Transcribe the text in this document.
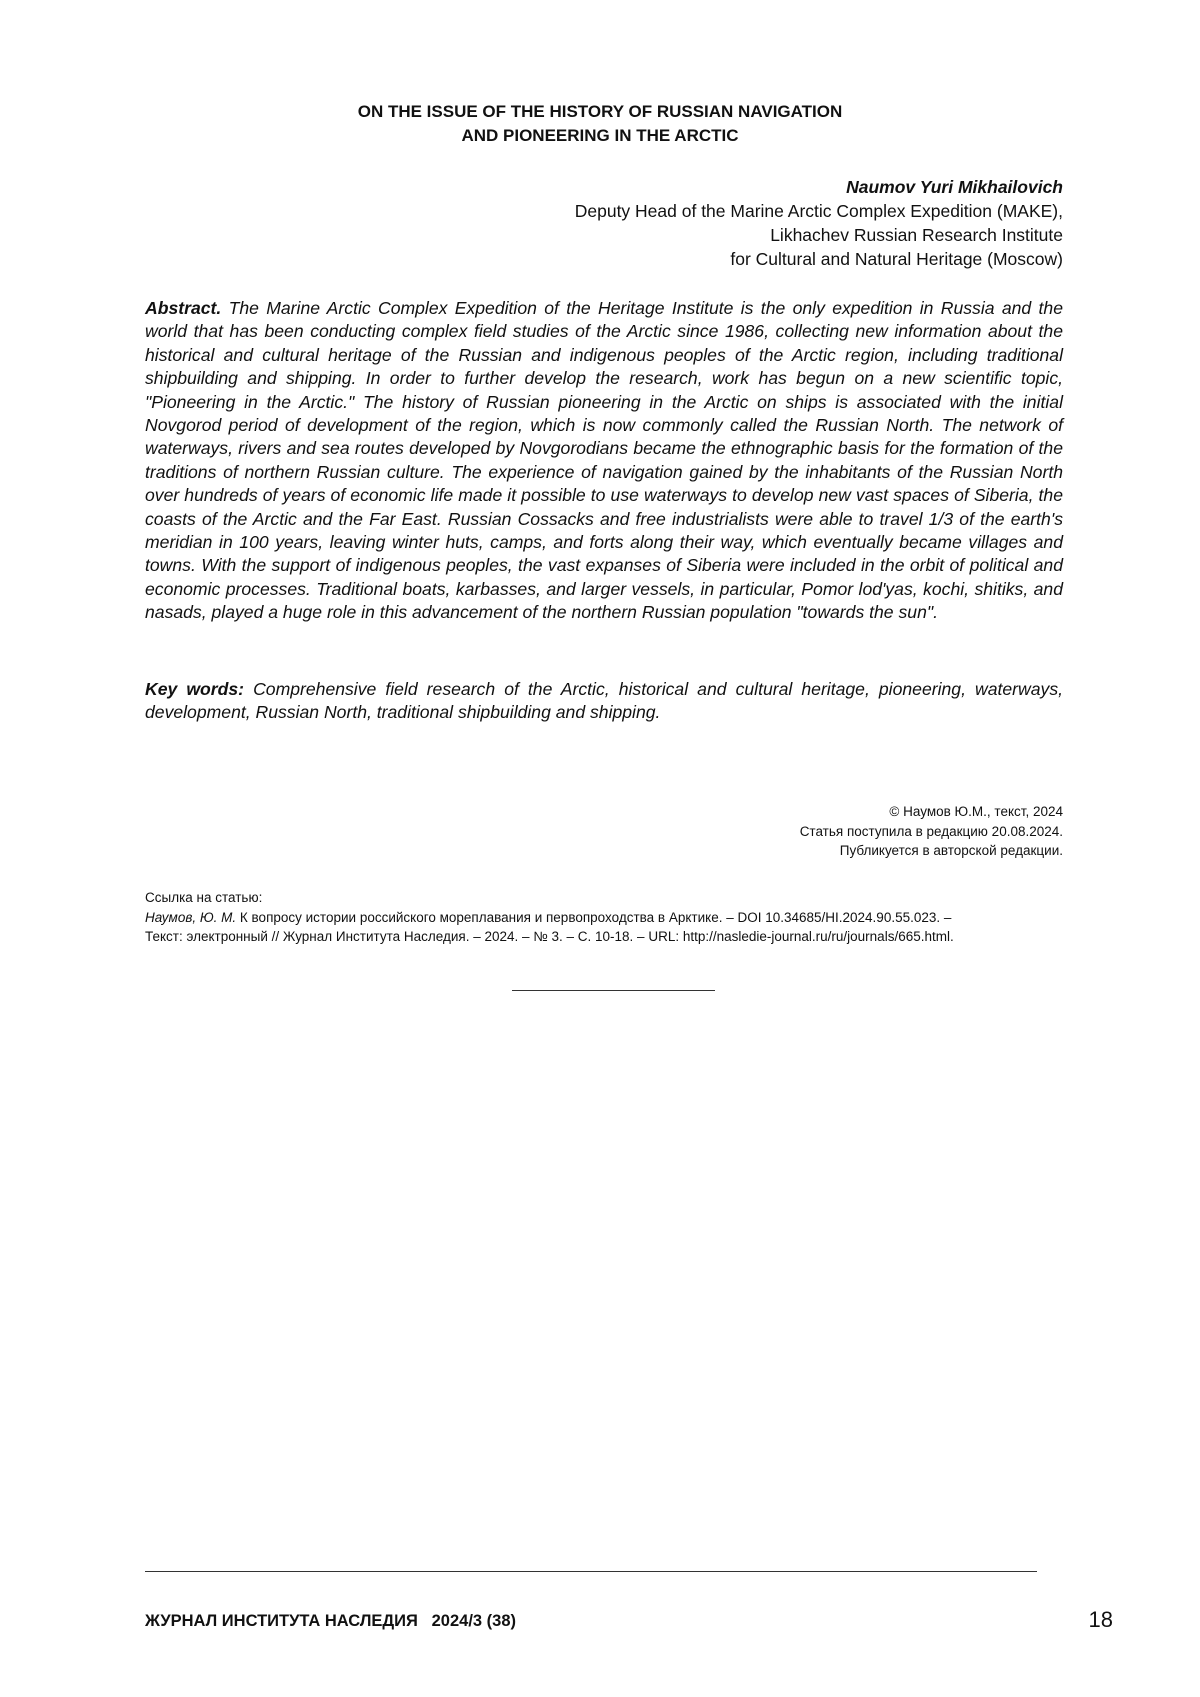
ON THE ISSUE OF THE HISTORY OF RUSSIAN NAVIGATION
AND PIONEERING IN THE ARCTIC
Naumov Yuri Mikhailovich
Deputy Head of the Marine Arctic Complex Expedition (MAKE),
Likhachev Russian Research Institute
for Cultural and Natural Heritage (Moscow)

Abstract. The Marine Arctic Complex Expedition of the Heritage Institute is the only expedition in Russia and the world that has been conducting complex field studies of the Arctic since 1986, collecting new information about the historical and cultural heritage of the Russian and indigenous peoples of the Arctic region, including traditional shipbuilding and shipping. In order to further develop the research, work has begun on a new scientific topic, "Pioneering in the Arctic." The history of Russian pioneering in the Arctic on ships is associated with the initial Novgorod period of development of the region, which is now commonly called the Russian North. The network of waterways, rivers and sea routes developed by Novgorodians became the ethnographic basis for the formation of the traditions of northern Russian culture. The experience of navigation gained by the inhabitants of the Russian North over hundreds of years of economic life made it possible to use waterways to develop new vast spaces of Siberia, the coasts of the Arctic and the Far East. Russian Cossacks and free industrialists were able to travel 1/3 of the earth's meridian in 100 years, leaving winter huts, camps, and forts along their way, which eventually became villages and towns. With the support of indigenous peoples, the vast expanses of Siberia were included in the orbit of political and economic processes. Traditional boats, karbasses, and larger vessels, in particular, Pomor lod'yas, kochi, shitiks, and nasads, played a huge role in this advancement of the northern Russian population "towards the sun".

Key words: Comprehensive field research of the Arctic, historical and cultural heritage, pioneering, waterways, development, Russian North, traditional shipbuilding and shipping.

© Наумов Ю.М., текст, 2024
Статья поступила в редакцию 20.08.2024.
Публикуется в авторской редакции.
Ссылка на статью:
Наумов, Ю. М. К вопросу истории российского мореплавания и первопроходства в Арктике. – DOI 10.34685/HI.2024.90.55.023. –
Текст: электронный // Журнал Института Наследия. – 2024. – № 3. – С. 10-18. – URL: http://nasledie-journal.ru/ru/journals/665.html.
ЖУРНАЛ ИНСТИТУТА НАСЛЕДИЯ   2024/3 (38)	18
